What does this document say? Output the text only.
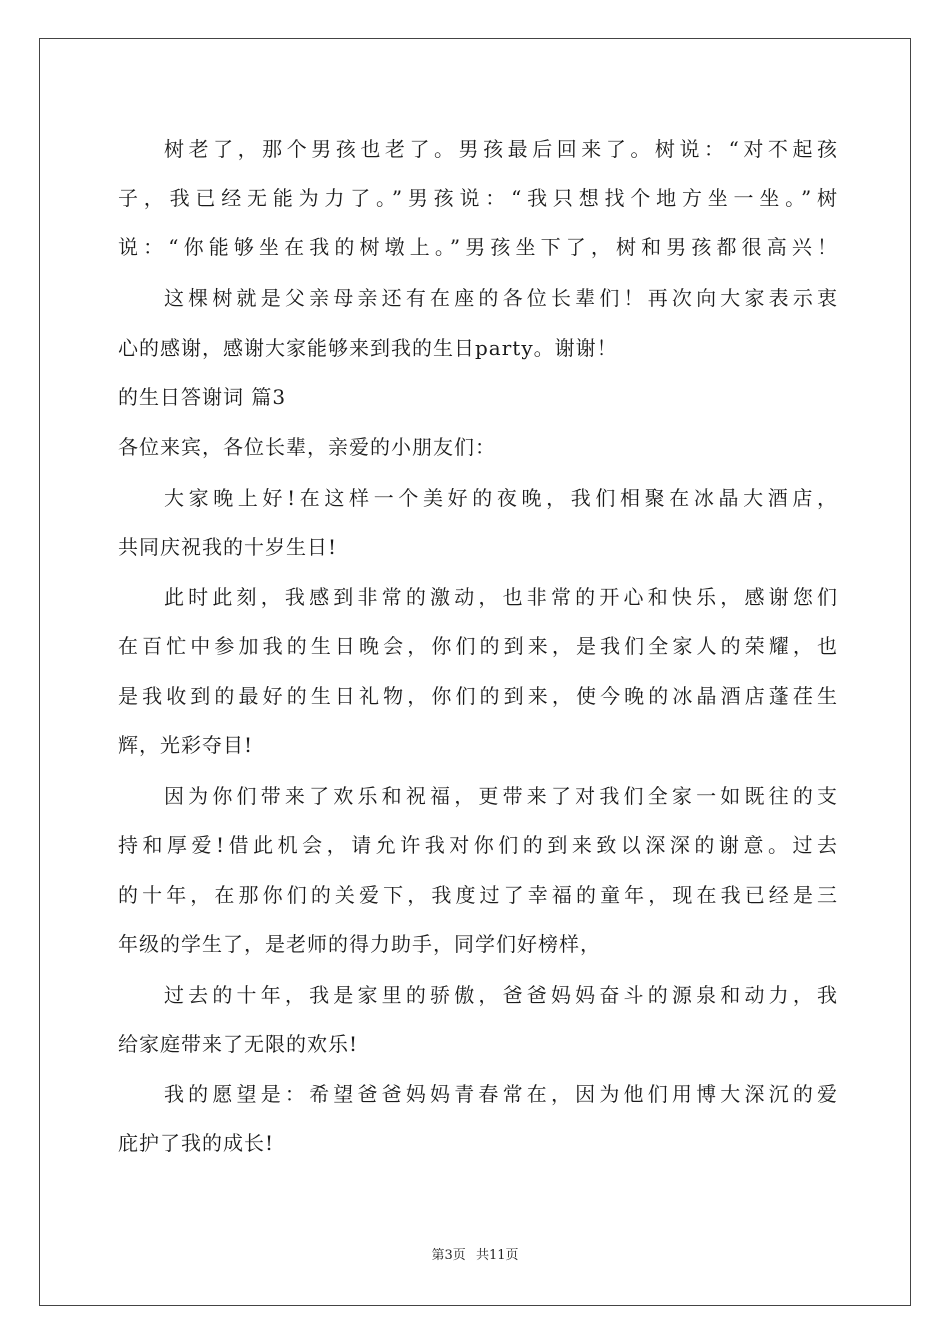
树老了，那个男孩也老了。男孩最后回来了。树说：“对不起孩
子，我已经无能为力了。”男孩说：“我只想找个地方坐一坐。”树
说：“你能够坐在我的树墩上。”男孩坐下了，树和男孩都很高兴！
这棵树就是父亲母亲还有在座的各位长辈们！再次向大家表示衷
心的感谢，感谢大家能够来到我的生日party。谢谢！
的生日答谢词 篇3
各位来宾，各位长辈，亲爱的小朋友们：
大家晚上好!在这样一个美好的夜晚，我们相聚在冰晶大酒店，
共同庆祝我的十岁生日!
此时此刻，我感到非常的激动，也非常的开心和快乐，感谢您们
在百忙中参加我的生日晚会，你们的到来，是我们全家人的荣耀，也
是我收到的最好的生日礼物，你们的到来，使今晚的冰晶酒店蓬荏生
辉，光彩夺目!
因为你们带来了欢乐和祝福，更带来了对我们全家一如既往的支
持和厚爱!借此机会，请允许我对你们的到来致以深深的谢意。过去
的十年，在那你们的关爱下，我度过了幸福的童年，现在我已经是三
年级的学生了，是老师的得力助手，同学们好榜样，
过去的十年，我是家里的骄傲，爸爸妈妈奋斗的源泉和动力，我
给家庭带来了无限的欢乐!
我的愿望是：希望爸爸妈妈青春常在，因为他们用博大深沉的爱
庇护了我的成长!
第3页 共11页
